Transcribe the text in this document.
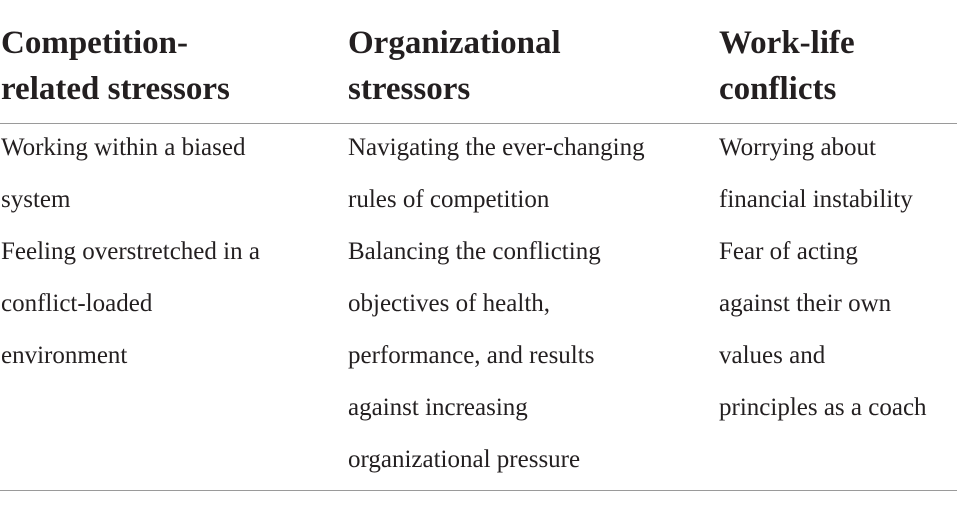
Competition-
related stressors
Organizational
stressors
Work-life
conflicts
Working within a biased
system
Feeling overstretched in a
conflict-loaded
environment
Navigating the ever-changing
rules of competition
Balancing the conflicting
objectives of health,
performance, and results
against increasing
organizational pressure
Worrying about
financial instability
Fear of acting
against their own
values and
principles as a coach
